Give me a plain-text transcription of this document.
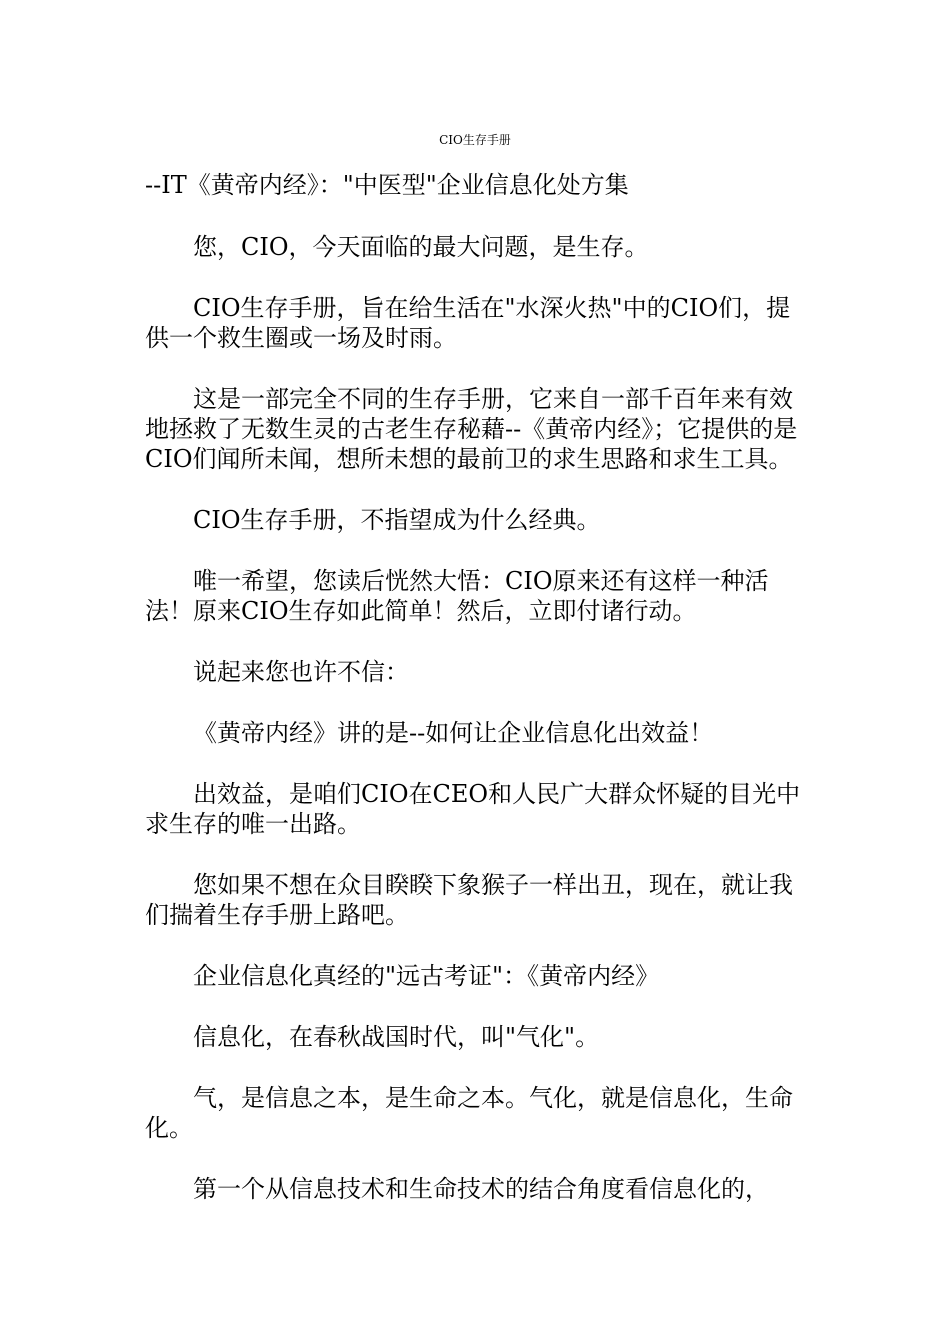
CIO生存手册

--IT《黄帝内经》："中医型"企业信息化处方集

您，CIO，今天面临的最大问题，是生存。

CIO生存手册，旨在给生活在"水深火热"中的CIO们，提供一个救生圈或一场及时雨。

这是一部完全不同的生存手册，它来自一部千百年来有效地拯救了无数生灵的古老生存秘藉--《黄帝内经》；它提供的是CIO们闻所未闻，想所未想的最前卫的求生思路和求生工具。

CIO生存手册，不指望成为什么经典。

唯一希望，您读后恍然大悟：CIO原来还有这样一种活法！原来CIO生存如此简单！然后，立即付诸行动。

说起来您也许不信：

《黄帝内经》讲的是--如何让企业信息化出效益！

出效益，是咱们CIO在CEO和人民广大群众怀疑的目光中求生存的唯一出路。

您如果不想在众目睽睽下象猴子一样出丑，现在，就让我们揣着生存手册上路吧。

企业信息化真经的"远古考证"：《黄帝内经》

信息化，在春秋战国时代，叫"气化"。

气，是信息之本，是生命之本。气化，就是信息化，生命化。

第一个从信息技术和生命技术的结合角度看信息化的，
